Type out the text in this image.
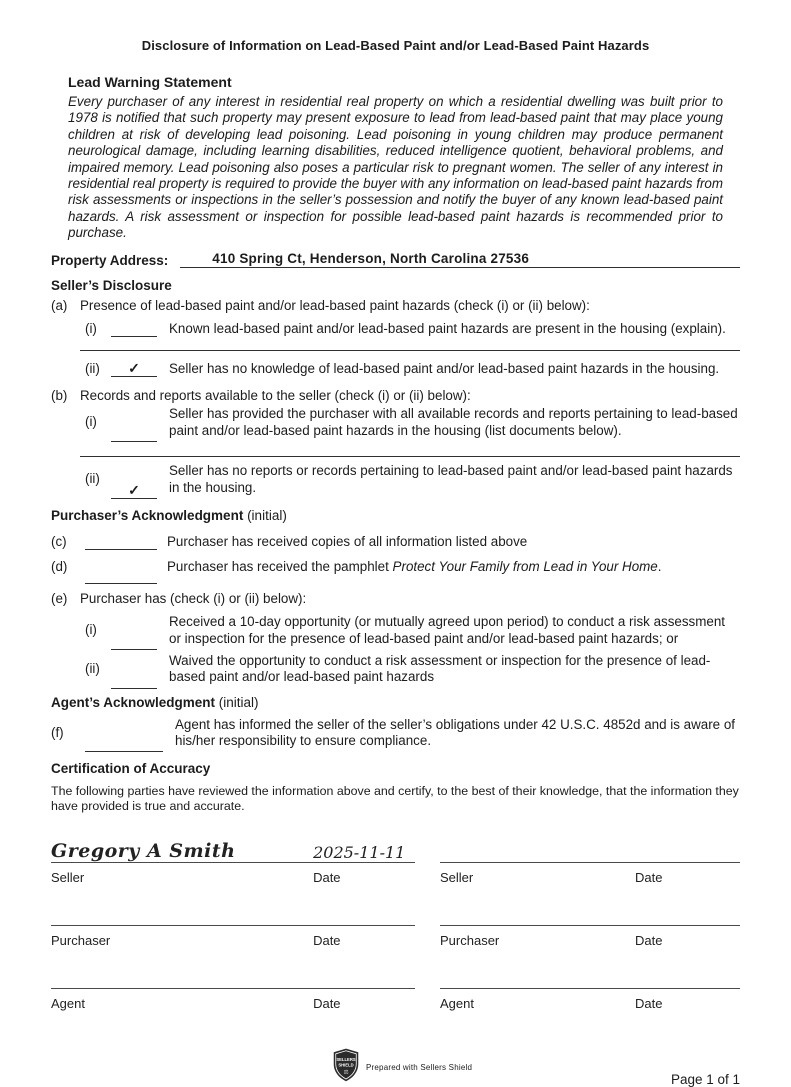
Disclosure of Information on Lead-Based Paint and/or Lead-Based Paint Hazards
Lead Warning Statement
Every purchaser of any interest in residential real property on which a residential dwelling was built prior to 1978 is notified that such property may present exposure to lead from lead-based paint that may place young children at risk of developing lead poisoning. Lead poisoning in young children may produce permanent neurological damage, including learning disabilities, reduced intelligence quotient, behavioral problems, and impaired memory. Lead poisoning also poses a particular risk to pregnant women. The seller of any interest in residential real property is required to provide the buyer with any information on lead-based paint hazards from risk assessments or inspections in the seller’s possession and notify the buyer of any known lead-based paint hazards. A risk assessment or inspection for possible lead-based paint hazards is recommended prior to purchase.
Property Address:	410 Spring Ct, Henderson, North Carolina 27536
Seller’s Disclosure
(a) Presence of lead-based paint and/or lead-based paint hazards (check (i) or (ii) below):
(i)	Known lead-based paint and/or lead-based paint hazards are present in the housing (explain).
(ii)	✓	Seller has no knowledge of lead-based paint and/or lead-based paint hazards in the housing.
(b) Records and reports available to the seller (check (i) or (ii) below):
(i)
Seller has provided the purchaser with all available records and reports pertaining to lead-based paint and/or lead-based paint hazards in the housing (list documents below).
(ii)
✓
Seller has no reports or records pertaining to lead-based paint and/or lead-based paint hazards in the housing.
Purchaser’s Acknowledgment (initial)
(c)	Purchaser has received copies of all information listed above
(d)	Purchaser has received the pamphlet Protect Your Family from Lead in Your Home.
(e) Purchaser has (check (i) or (ii) below):
(i)
Received a 10-day opportunity (or mutually agreed upon period) to conduct a risk assessment or inspection for the presence of lead-based paint and/or lead-based paint hazards; or
(ii)
Waived the opportunity to conduct a risk assessment or inspection for the presence of lead-based paint and/or lead-based paint hazards
Agent’s Acknowledgment (initial)
(f)
Agent has informed the seller of the seller’s obligations under 42 U.S.C. 4852d and is aware of his/her responsibility to ensure compliance.
Certification of Accuracy
The following parties have reviewed the information above and certify, to the best of their knowledge, that the information they have provided is true and accurate.
Gregory A Smith	2025-11-11
Seller	Date	Seller	Date
Purchaser	Date	Purchaser	Date
Agent	Date	Agent	Date
SELLERS
SHIELD
⚖
Prepared with Sellers Shield
Page 1 of 1
